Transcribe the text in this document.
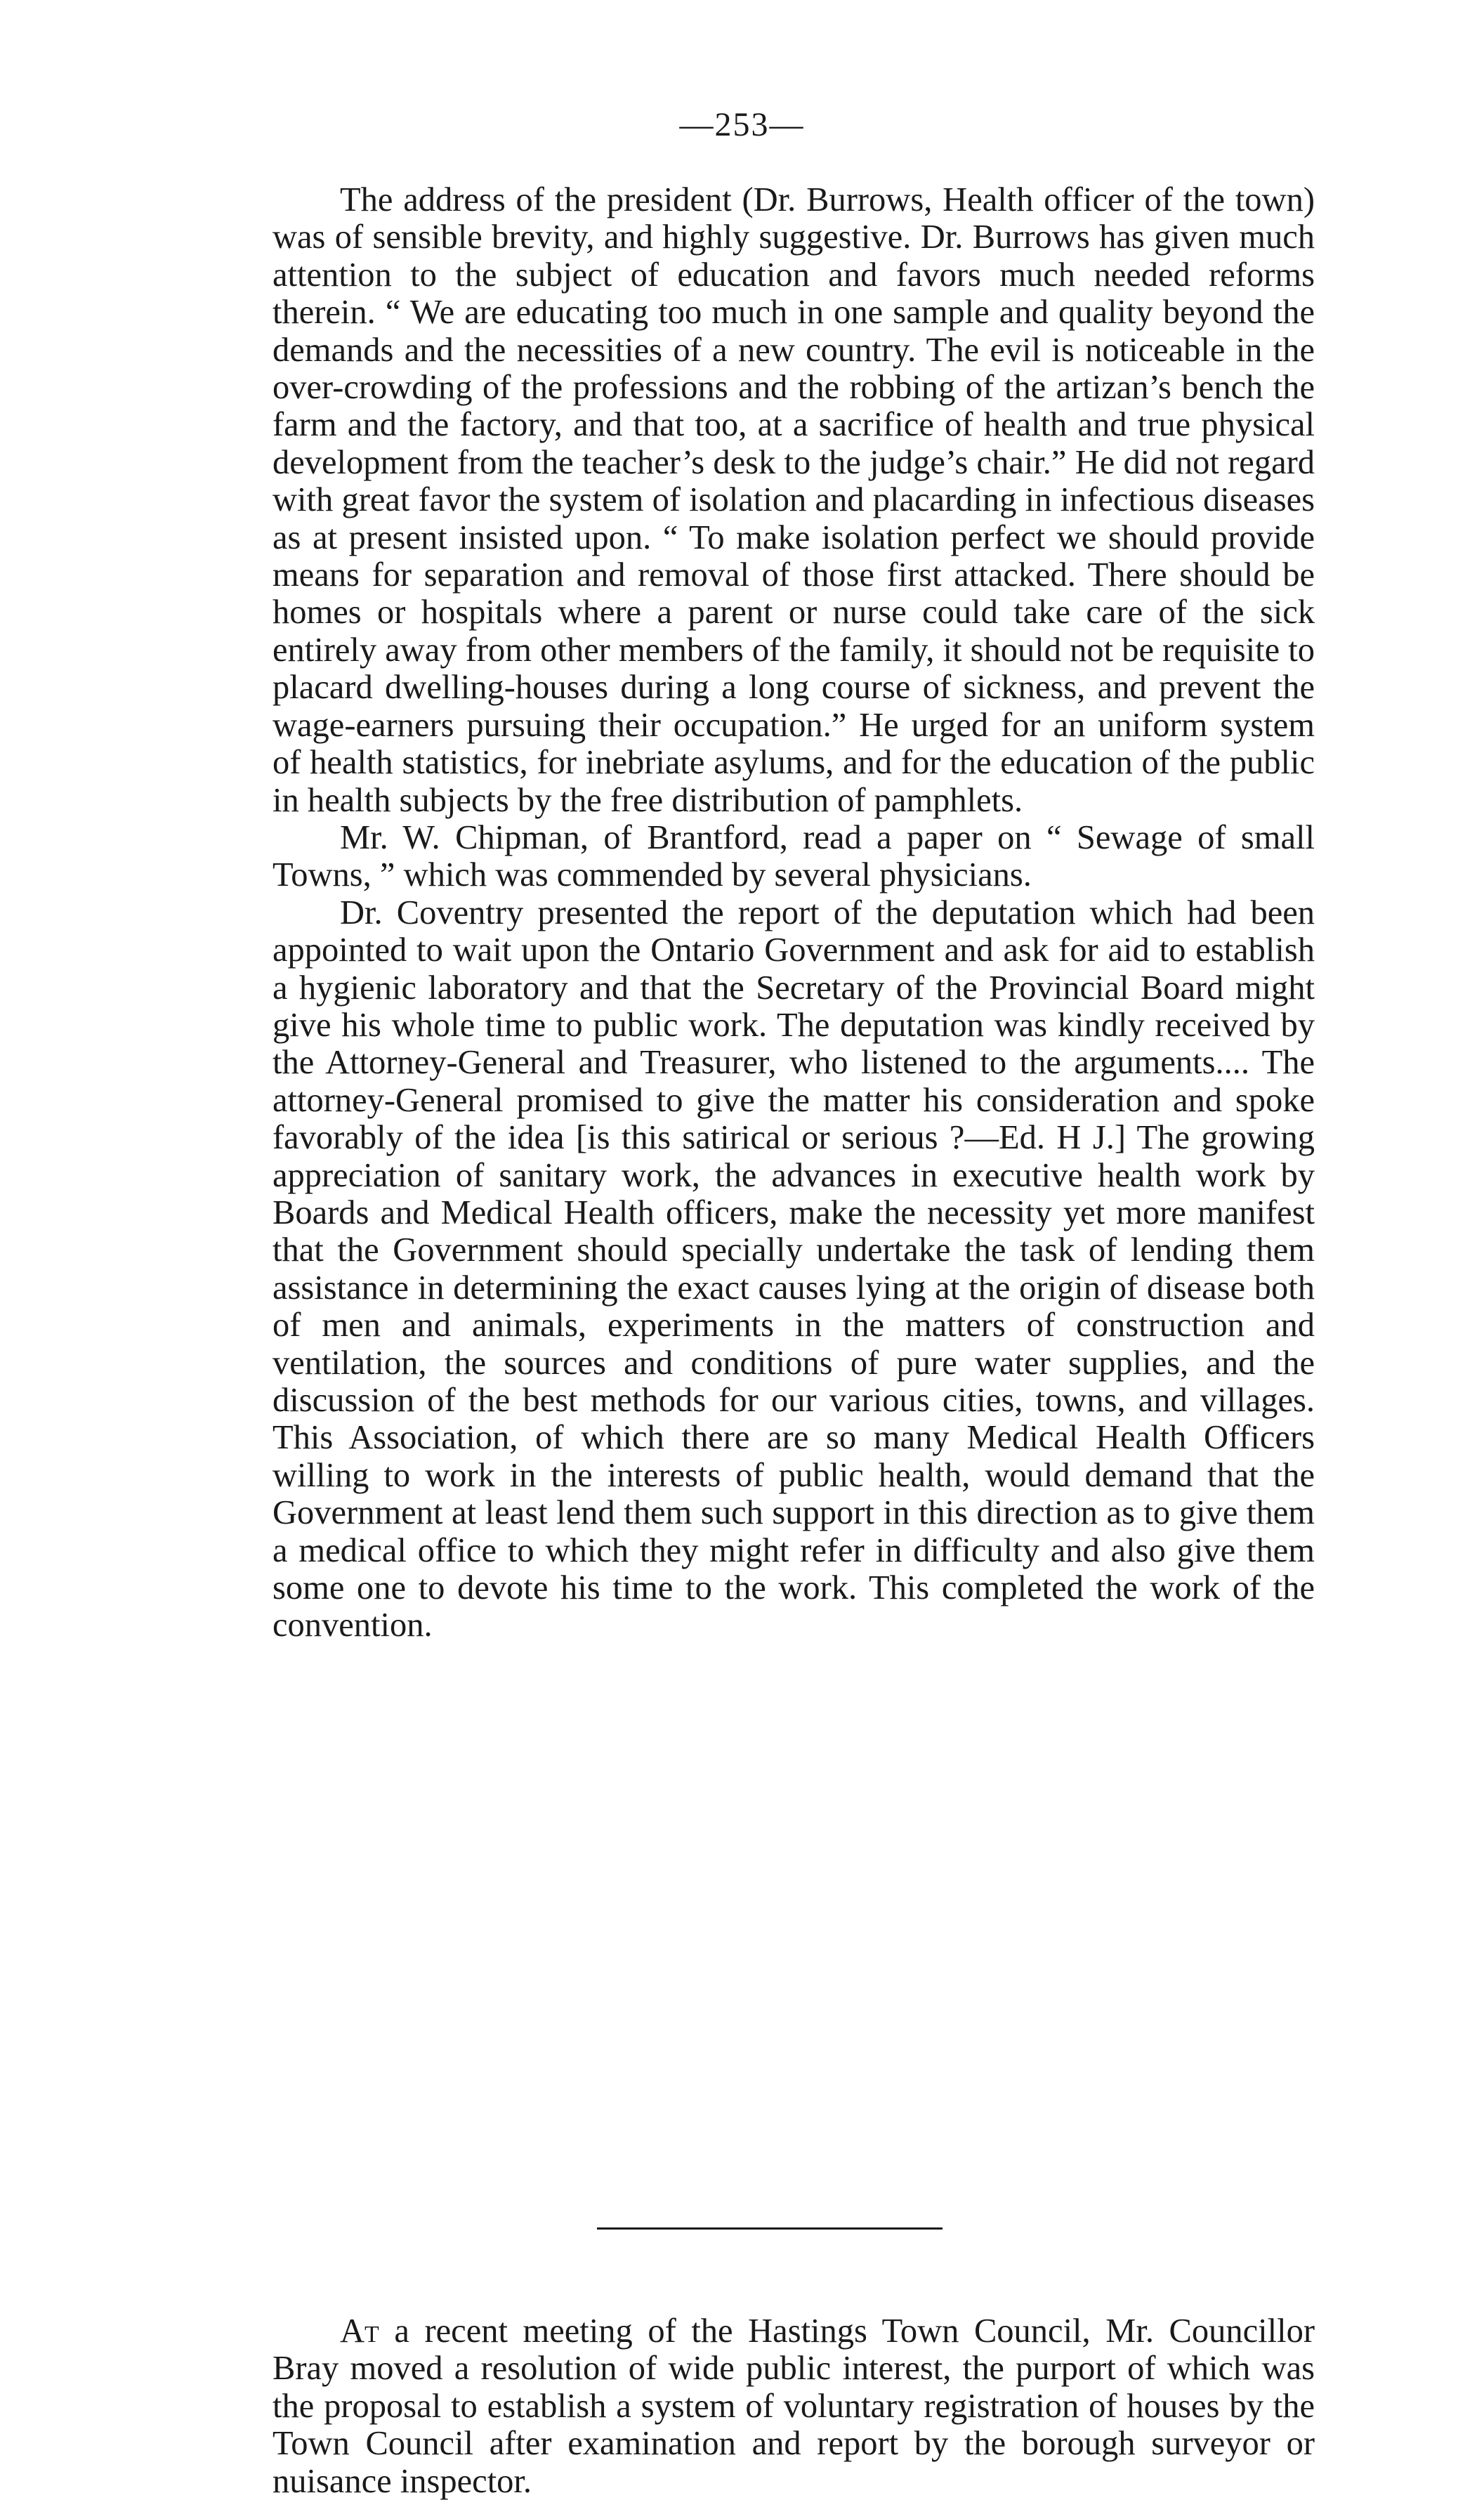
—253—

The address of the president (Dr. Burrows, Health officer of the town) was of sensible brevity, and highly suggestive. Dr. Burrows has given much attention to the subject of education and favors much needed reforms therein. “ We are educating too much in one sample and quality beyond the demands and the necessities of a new country. The evil is noticeable in the over-crowding of the professions and the robbing of the artizan’s bench the farm and the factory, and that too, at a sacrifice of health and true physical development from the teacher’s desk to the judge’s chair.” He did not regard with great favor the system of isolation and placarding in infectious diseases as at present insisted upon. “ To make isolation perfect we should provide means for separation and removal of those first attacked. There should be homes or hospitals where a parent or nurse could take care of the sick entirely away from other members of the family, it should not be requisite to placard dwelling-houses during a long course of sickness, and prevent the wage-earners pursuing their occupation.” He urged for an uniform system of health statistics, for inebriate asylums, and for the education of the public in health subjects by the free distribution of pamphlets.

Mr. W. Chipman, of Brantford, read a paper on “ Sewage of small Towns, ” which was commended by several physicians.

Dr. Coventry presented the report of the deputation which had been appointed to wait upon the Ontario Government and ask for aid to establish a hygienic laboratory and that the Secretary of the Provincial Board might give his whole time to public work. The deputation was kindly received by the Attorney-General and Treasurer, who listened to the arguments.... The attorney-General promised to give the matter his consideration and spoke favorably of the idea [is this satirical or serious ?—Ed. H J.] The growing appreciation of sanitary work, the advances in executive health work by Boards and Medical Health officers, make the necessity yet more manifest that the Government should specially undertake the task of lending them assistance in determining the exact causes lying at the origin of disease both of men and animals, experiments in the matters of construction and ventilation, the sources and conditions of pure water supplies, and the discussion of the best methods for our various cities, towns, and villages. This Association, of which there are so many Medical Health Officers willing to work in the interests of public health, would demand that the Government at least lend them such support in this direction as to give them a medical office to which they might refer in difficulty and also give them some one to devote his time to the work. This completed the work of the convention.

At a recent meeting of the Hastings Town Council, Mr. Councillor Bray moved a resolution of wide public interest, the purport of which was the proposal to establish a system of voluntary registration of houses by the Town Council after examination and report by the borough surveyor or nuisance inspector.
